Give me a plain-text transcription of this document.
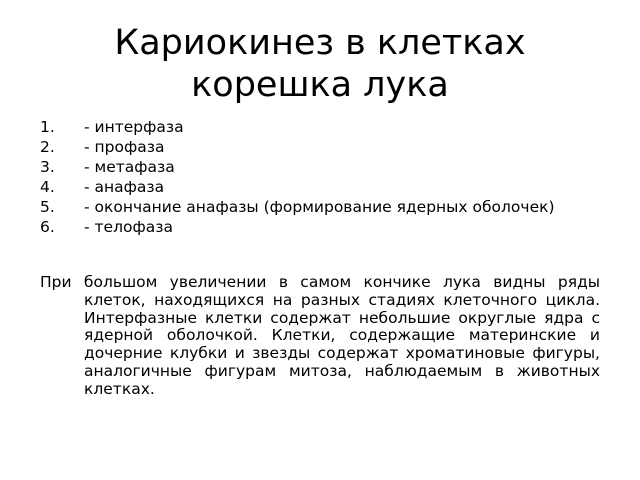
Кариокинез в клетках
корешка лука
1.	- интерфаза
2.	- профаза
3.	- метафаза
4.	- анафаза
5.	- окончание анафазы (формирование ядерных оболочек)
6.	- телофаза

При большом увеличении в самом кончике лука видны ряды клеток, находящихся на разных стадиях клеточного цикла. Интерфазные клетки содержат небольшие округлые ядра с ядерной оболочкой. Клетки, содержащие материнские и дочерние клубки и звезды содержат хроматиновые фигуры, аналогичные фигурам митоза, наблюдаемым в животных клетках.
